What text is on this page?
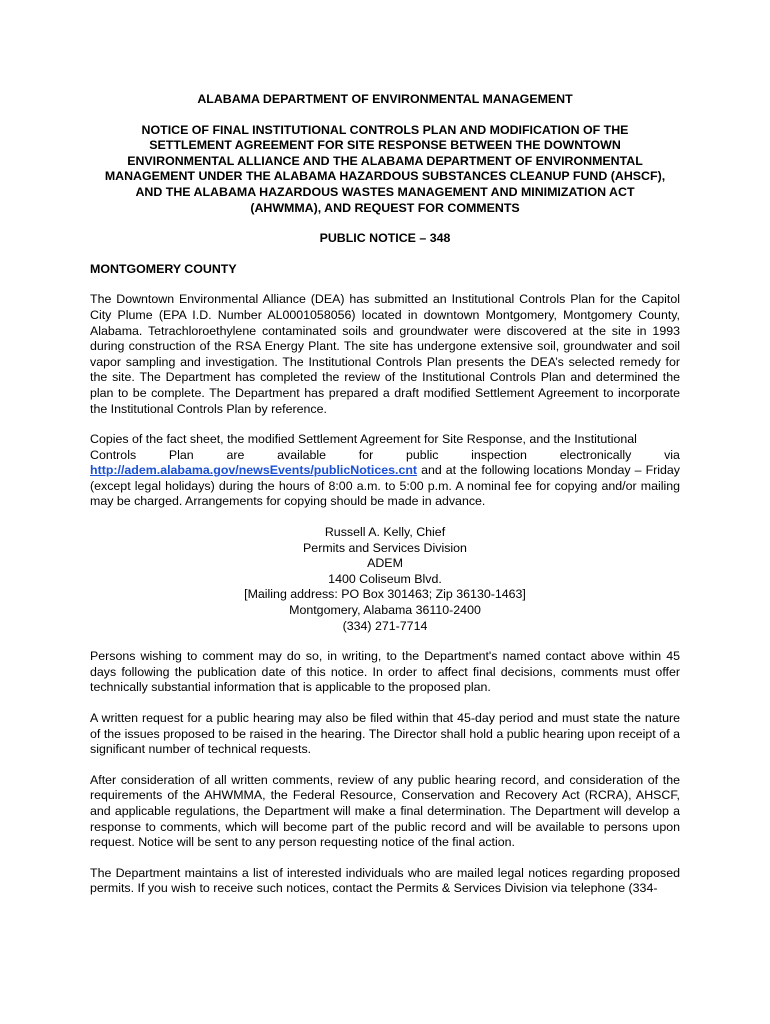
ALABAMA DEPARTMENT OF ENVIRONMENTAL MANAGEMENT
NOTICE OF FINAL INSTITUTIONAL CONTROLS PLAN AND MODIFICATION OF THE
SETTLEMENT AGREEMENT FOR SITE RESPONSE BETWEEN THE DOWNTOWN
ENVIRONMENTAL ALLIANCE AND THE ALABAMA DEPARTMENT OF ENVIRONMENTAL
MANAGEMENT UNDER THE ALABAMA HAZARDOUS SUBSTANCES CLEANUP FUND (AHSCF),
AND THE ALABAMA HAZARDOUS WASTES MANAGEMENT AND MINIMIZATION ACT
(AHWMMA), AND REQUEST FOR COMMENTS
PUBLIC NOTICE – 348
MONTGOMERY COUNTY

The Downtown Environmental Alliance (DEA) has submitted an Institutional Controls Plan for the Capitol City Plume (EPA I.D. Number AL0001058056) located in downtown Montgomery, Montgomery County, Alabama. Tetrachloroethylene contaminated soils and groundwater were discovered at the site in 1993 during construction of the RSA Energy Plant. The site has undergone extensive soil, groundwater and soil vapor sampling and investigation. The Institutional Controls Plan presents the DEA’s selected remedy for the site. The Department has completed the review of the Institutional Controls Plan and determined the plan to be complete. The Department has prepared a draft modified Settlement Agreement to incorporate the Institutional Controls Plan by reference.

Copies of the fact sheet, the modified Settlement Agreement for Site Response, and the Institutional
Controls	Plan	are	available	for	public	inspection	electronically	via
http://adem.alabama.gov/newsEvents/publicNotices.cnt and at the following locations Monday – Friday (except legal holidays) during the hours of 8:00 a.m. to 5:00 p.m. A nominal fee for copying and/or mailing may be charged. Arrangements for copying should be made in advance.
Russell A. Kelly, Chief
Permits and Services Division
ADEM
1400 Coliseum Blvd.
[Mailing address: PO Box 301463; Zip 36130-1463]
Montgomery, Alabama 36110-2400
(334) 271-7714

Persons wishing to comment may do so, in writing, to the Department's named contact above within 45 days following the publication date of this notice. In order to affect final decisions, comments must offer technically substantial information that is applicable to the proposed plan.

A written request for a public hearing may also be filed within that 45-day period and must state the nature of the issues proposed to be raised in the hearing. The Director shall hold a public hearing upon receipt of a significant number of technical requests.

After consideration of all written comments, review of any public hearing record, and consideration of the requirements of the AHWMMA, the Federal Resource, Conservation and Recovery Act (RCRA), AHSCF, and applicable regulations, the Department will make a final determination. The Department will develop a response to comments, which will become part of the public record and will be available to persons upon request. Notice will be sent to any person requesting notice of the final action.

The Department maintains a list of interested individuals who are mailed legal notices regarding proposed permits. If you wish to receive such notices, contact the Permits & Services Division via telephone (334-
